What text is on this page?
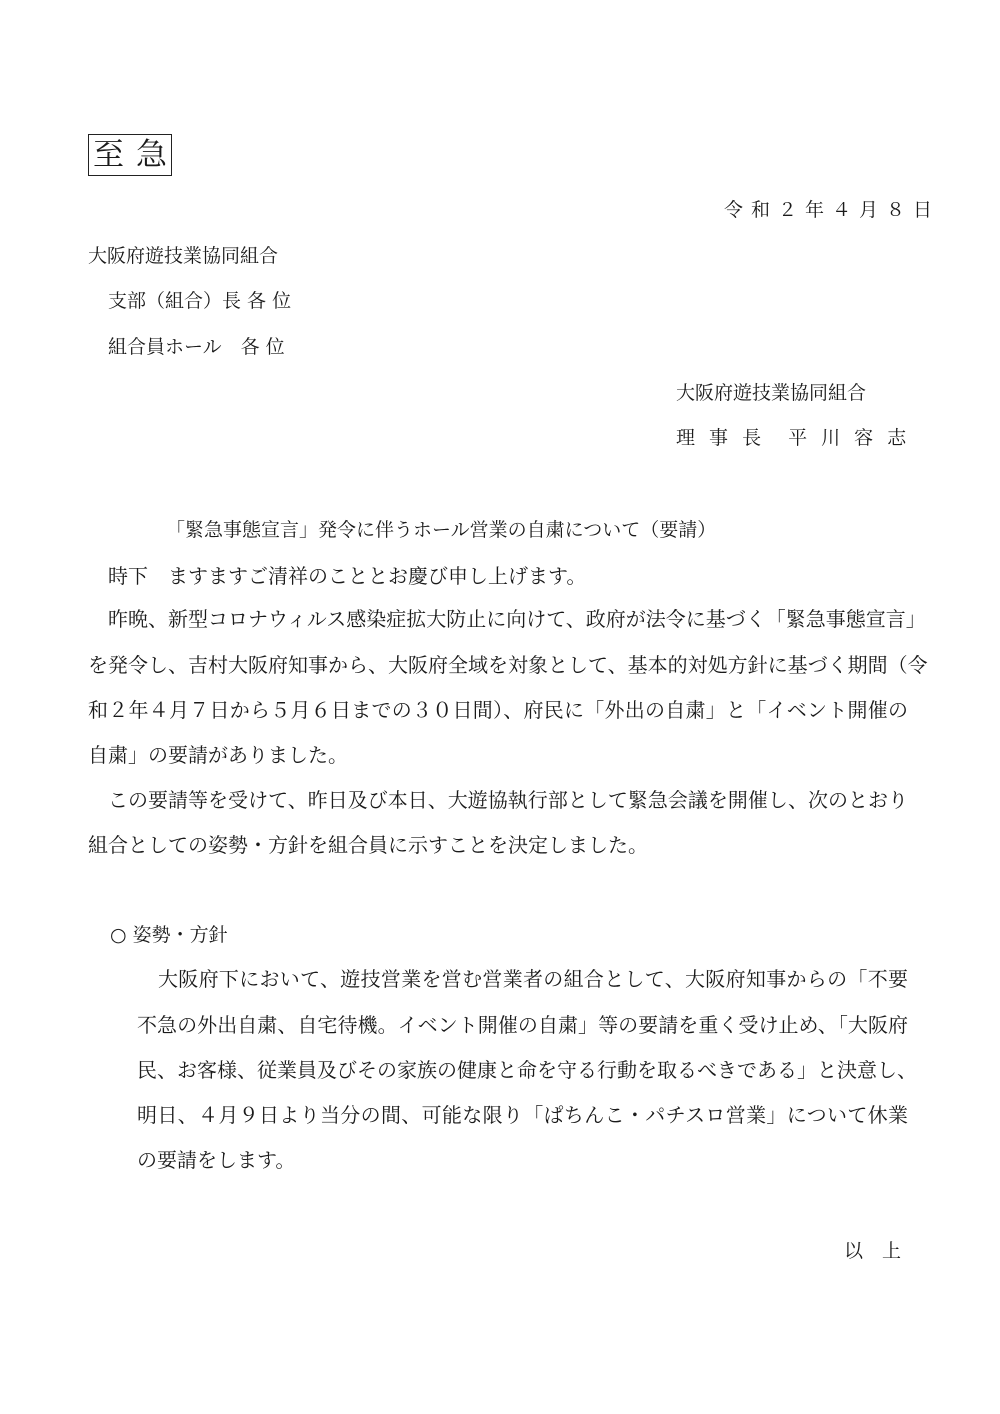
至急
令和２年４月８日
大阪府遊技業協同組合
支部（組合）長 各 位
組合員ホール　各 位
大阪府遊技業協同組合
理 事 長　平 川 容 志
「緊急事態宣言」発令に伴うホール営業の自粛について（要請）
時下　ますますご清祥のこととお慶び申し上げます。
昨晩、新型コロナウィルス感染症拡大防止に向けて、政府が法令に基づく「緊急事態宣言」
を発令し、吉村大阪府知事から、大阪府全域を対象として、基本的対処方針に基づく期間（令
和２年４月７日から５月６日までの３０日間）、府民に「外出の自粛」と「イベント開催の
自粛」の要請がありました。
この要請等を受けて、昨日及び本日、大遊協執行部として緊急会議を開催し、次のとおり
組合としての姿勢・方針を組合員に示すことを決定しました。
○ 姿勢・方針
大阪府下において、遊技営業を営む営業者の組合として、大阪府知事からの「不要
不急の外出自粛、自宅待機。イベント開催の自粛」等の要請を重く受け止め、「大阪府
民、お客様、従業員及びその家族の健康と命を守る行動を取るべきである」と決意し、
明日、４月９日より当分の間、可能な限り「ぱちんこ・パチスロ営業」について休業
の要請をします。
以　上
